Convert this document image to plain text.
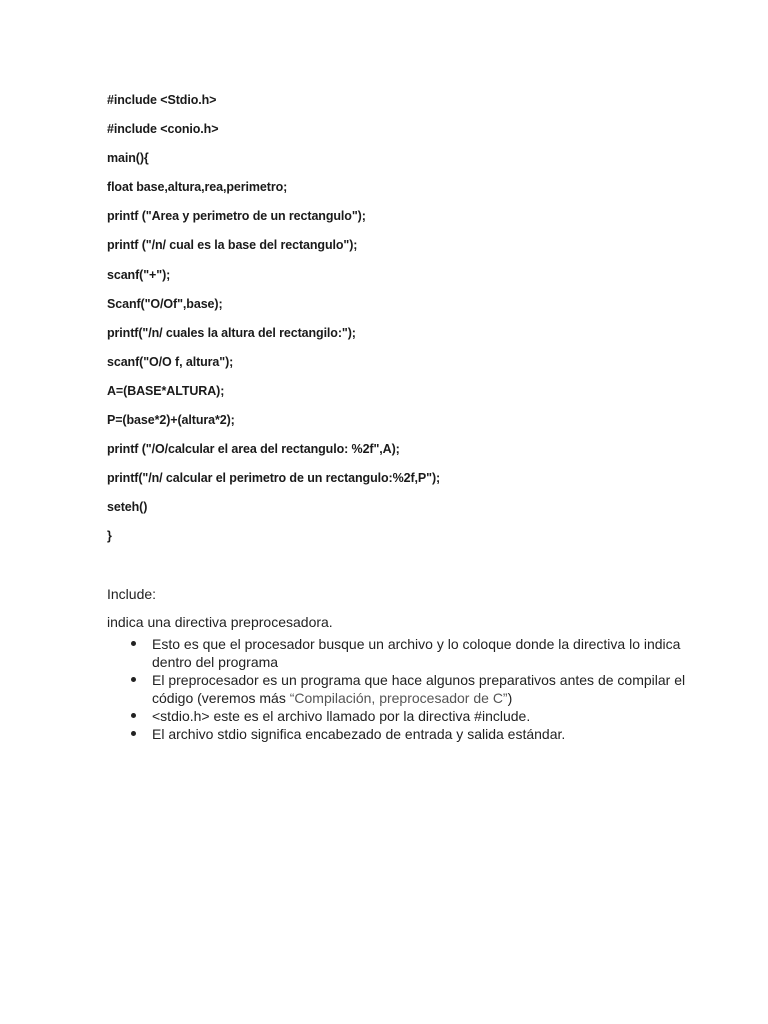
#include <Stdio.h>
#include <conio.h>
main(){
float base,altura,rea,perimetro;
printf ("Area y perimetro de un rectangulo");
printf ("/n/ cual es la base del rectangulo");
scanf("+");
Scanf("O/Of",base);
printf("/n/ cuales la altura del rectangilo:");
scanf("O/O f, altura");
A=(BASE*ALTURA);
P=(base*2)+(altura*2);
printf ("/O/calcular el area del rectangulo: %2f",A);
printf("/n/ calcular el perimetro de un rectangulo:%2f,P");
seteh()
}
Include:
indica una directiva preprocesadora.
Esto es que el procesador busque un archivo y lo coloque donde la directiva lo indica dentro del programa
El preprocesador es un programa que hace algunos preparativos antes de compilar el código (veremos más “Compilación, preprocesador de C”)
<stdio.h> este es el archivo llamado por la directiva #include.
El archivo stdio significa encabezado de entrada y salida estándar.
